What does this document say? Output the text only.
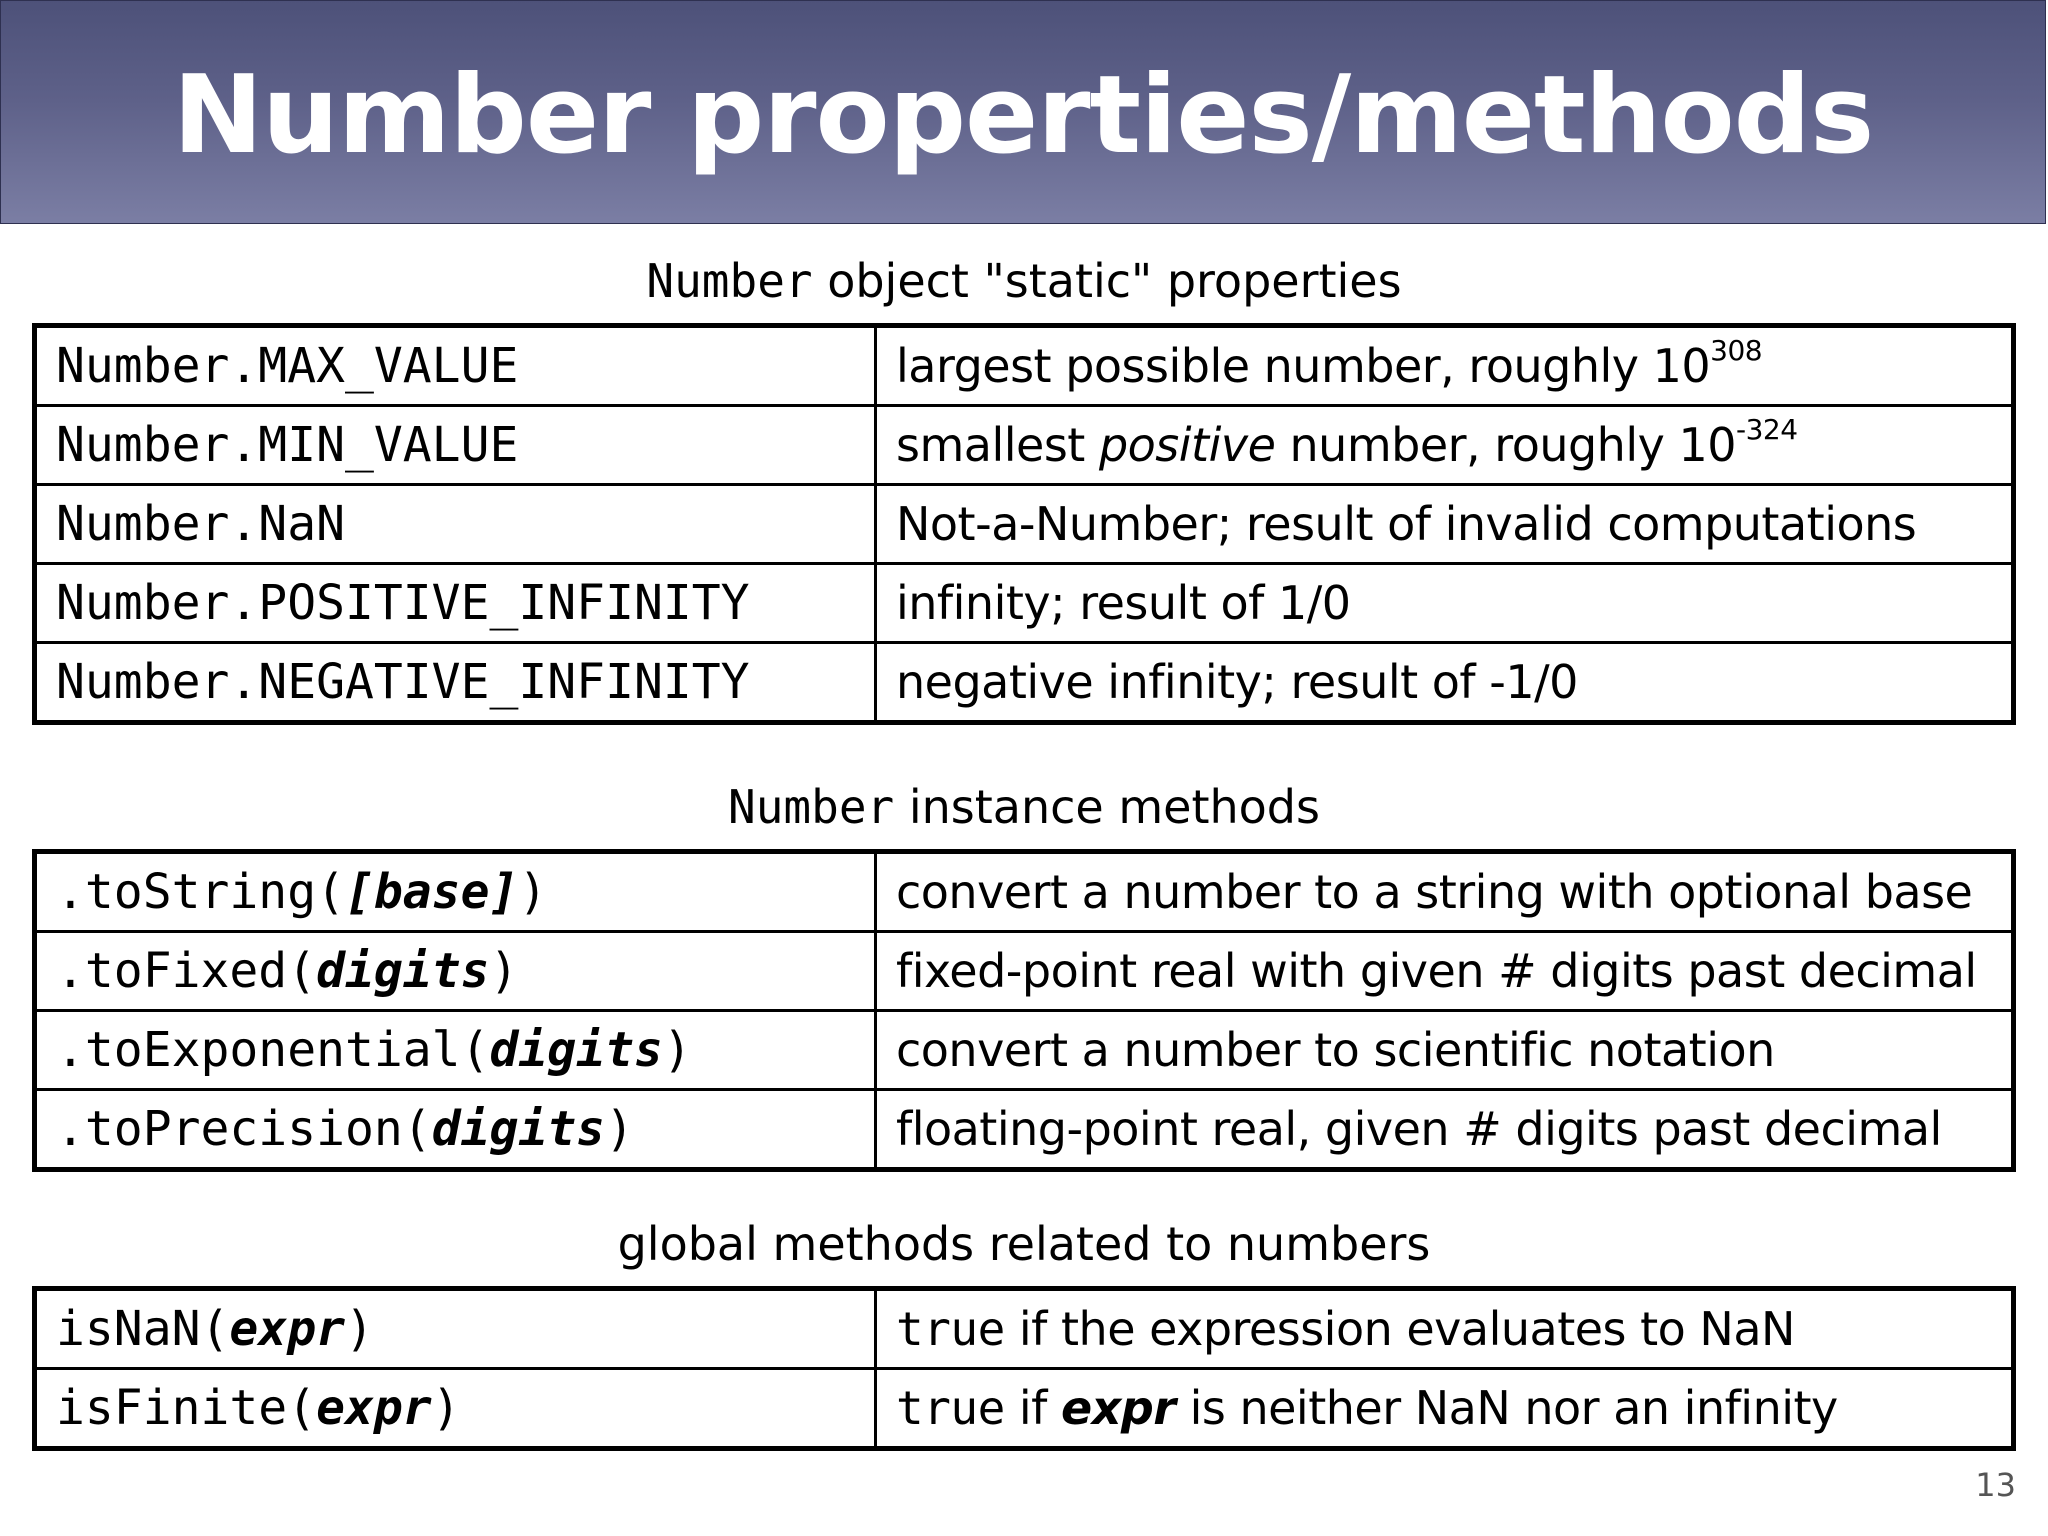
Number properties/methods
Number object "static" properties
Number.MAX_VALUE	largest possible number, roughly $10^{308}$
Number.MIN_VALUE	smallest positive number, roughly $10^{-324}$
Number.NaN	Not-a-Number; result of invalid computations
Number.POSITIVE_INFINITY	infinity; result of 1/0
Number.NEGATIVE_INFINITY	negative infinity; result of -1/0
Number instance methods
.toString([base])	convert a number to a string with optional base
.toFixed(digits)	fixed-point real with given # digits past decimal
.toExponential(digits)	convert a number to scientific notation
.toPrecision(digits)	floating-point real, given # digits past decimal
global methods related to numbers
isNaN(expr)	true if the expression evaluates to NaN
isFinite(expr)	true if expr is neither NaN nor an infinity
13
